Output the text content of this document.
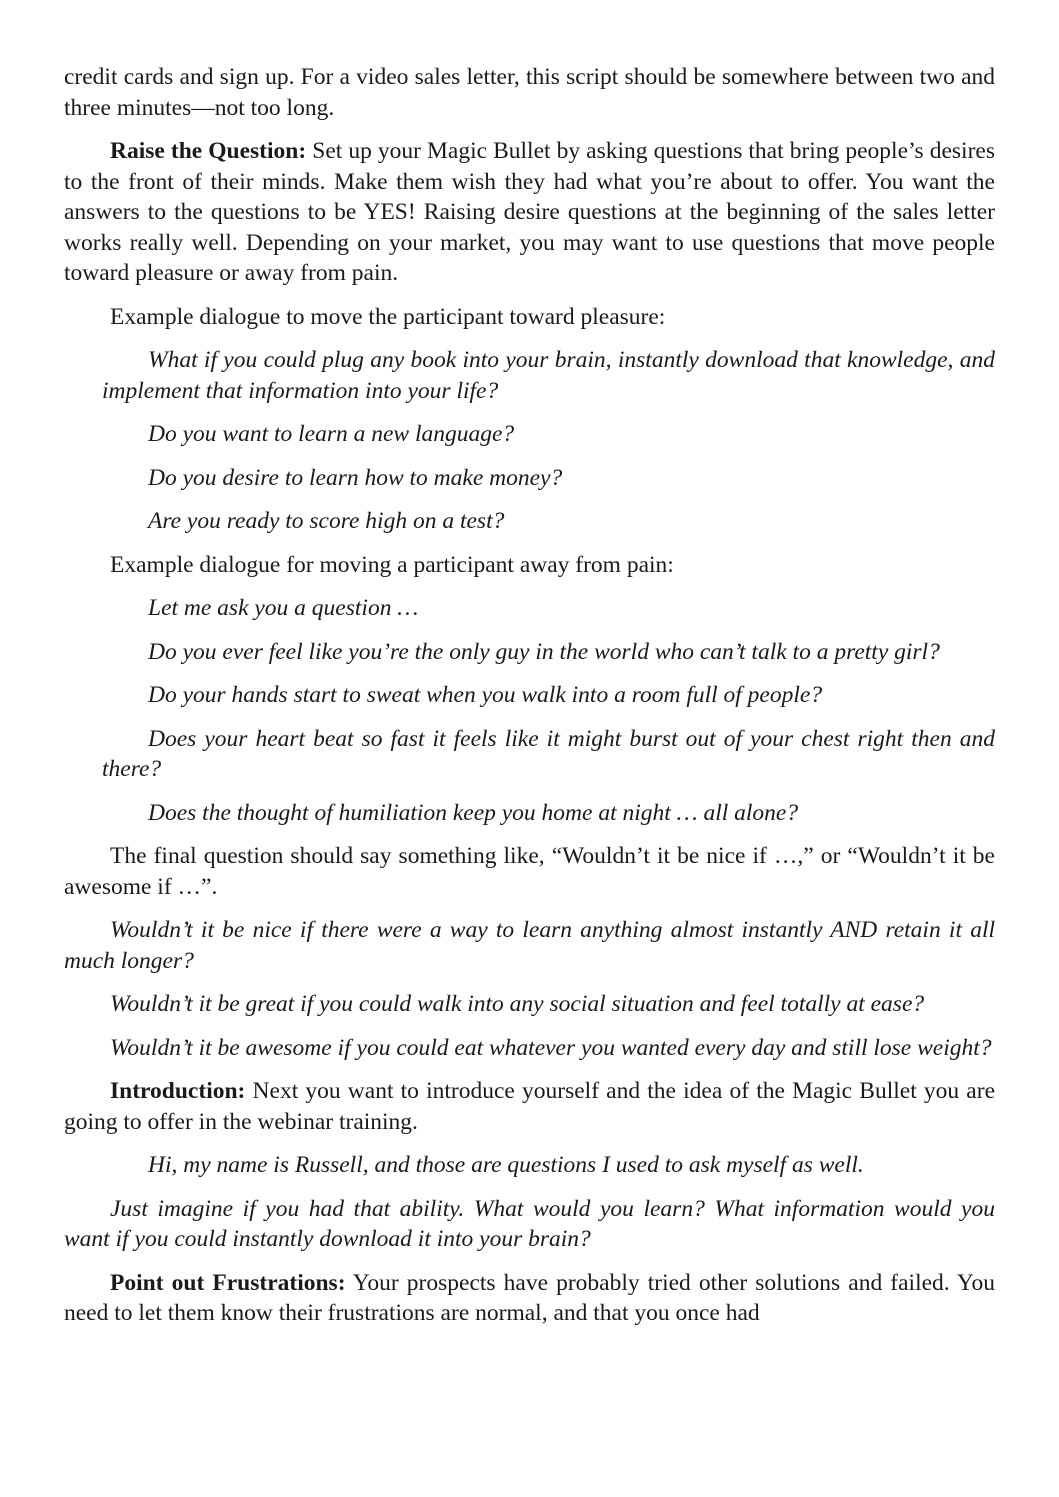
credit cards and sign up. For a video sales letter, this script should be somewhere between two and three minutes—not too long.

Raise the Question: Set up your Magic Bullet by asking questions that bring people’s desires to the front of their minds. Make them wish they had what you’re about to offer. You want the answers to the questions to be YES! Raising desire questions at the beginning of the sales letter works really well. Depending on your market, you may want to use questions that move people toward pleasure or away from pain.

Example dialogue to move the participant toward pleasure:

What if you could plug any book into your brain, instantly download that knowledge, and implement that information into your life?

Do you want to learn a new language?

Do you desire to learn how to make money?

Are you ready to score high on a test?

Example dialogue for moving a participant away from pain:

Let me ask you a question …

Do you ever feel like you’re the only guy in the world who can’t talk to a pretty girl?

Do your hands start to sweat when you walk into a room full of people?

Does your heart beat so fast it feels like it might burst out of your chest right then and there?

Does the thought of humiliation keep you home at night … all alone?

The final question should say something like, “Wouldn’t it be nice if …,” or “Wouldn’t it be awesome if …”.

Wouldn’t it be nice if there were a way to learn anything almost instantly AND retain it all much longer?

Wouldn’t it be great if you could walk into any social situation and feel totally at ease?

Wouldn’t it be awesome if you could eat whatever you wanted every day and still lose weight?

Introduction: Next you want to introduce yourself and the idea of the Magic Bullet you are going to offer in the webinar training.

Hi, my name is Russell, and those are questions I used to ask myself as well.

Just imagine if you had that ability. What would you learn? What information would you want if you could instantly download it into your brain?

Point out Frustrations: Your prospects have probably tried other solutions and failed. You need to let them know their frustrations are normal, and that you once had
